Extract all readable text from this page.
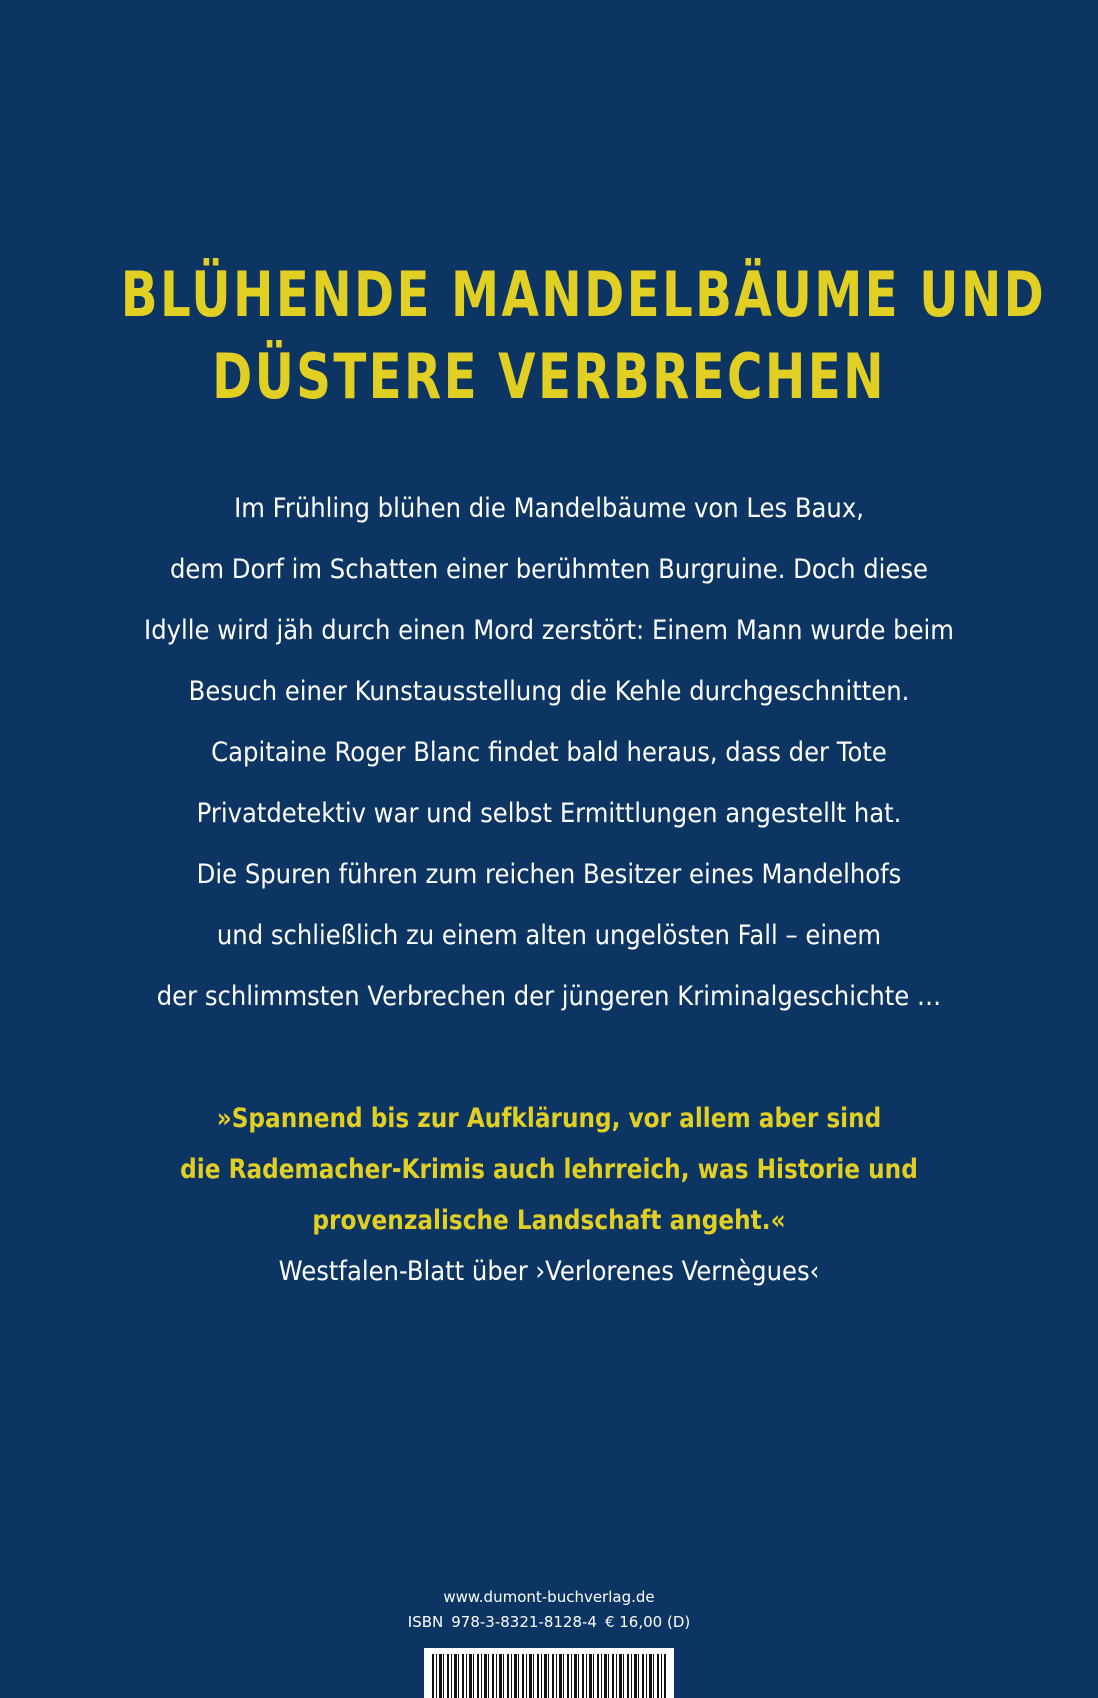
BLÜHENDE MANDELBÄUME UND
DÜSTERE VERBRECHEN
Im Frühling blühen die Mandelbäume von Les Baux,
dem Dorf im Schatten einer berühmten Burgruine. Doch diese
Idylle wird jäh durch einen Mord zerstört: Einem Mann wurde beim
Besuch einer Kunstausstellung die Kehle durchgeschnitten.
Capitaine Roger Blanc findet bald heraus, dass der Tote
Privatdetektiv war und selbst Ermittlungen angestellt hat.
Die Spuren führen zum reichen Besitzer eines Mandelhofs
und schließlich zu einem alten ungelösten Fall – einem
der schlimmsten Verbrechen der jüngeren Kriminalgeschichte …
»Spannend bis zur Aufklärung, vor allem aber sind
die Rademacher-Krimis auch lehrreich, was Historie und
provenzalische Landschaft angeht.«
Westfalen-Blatt über ›Verlorenes Vernègues‹
www.dumont-buchverlag.de
ISBN 978-3-8321-8128-4 € 16,00 (D)
